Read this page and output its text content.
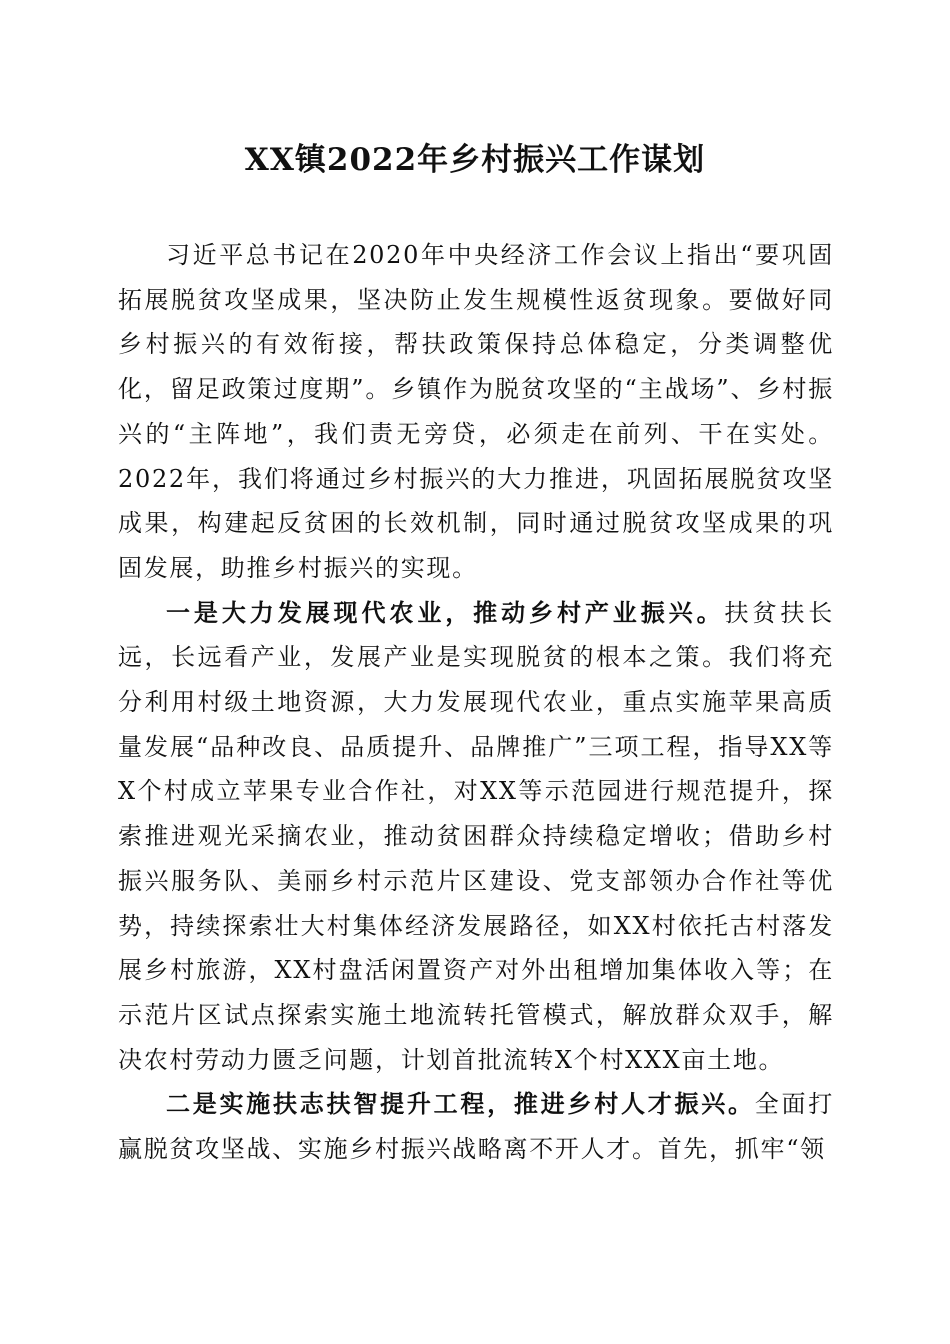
XX镇2022年乡村振兴工作谋划

习近平总书记在2020年中央经济工作会议上指出“要巩固拓展脱贫攻坚成果，坚决防止发生规模性返贫现象。要做好同乡村振兴的有效衔接，帮扶政策保持总体稳定，分类调整优化，留足政策过度期”。乡镇作为脱贫攻坚的“主战场”、乡村振兴的“主阵地”，我们责无旁贷，必须走在前列、干在实处。2022年，我们将通过乡村振兴的大力推进，巩固拓展脱贫攻坚成果，构建起反贫困的长效机制，同时通过脱贫攻坚成果的巩固发展，助推乡村振兴的实现。

一是大力发展现代农业，推动乡村产业振兴。扶贫扶长远，长远看产业，发展产业是实现脱贫的根本之策。我们将充分利用村级土地资源，大力发展现代农业，重点实施苹果高质量发展“品种改良、品质提升、品牌推广”三项工程，指导XX等X个村成立苹果专业合作社，对XX等示范园进行规范提升，探索推进观光采摘农业，推动贫困群众持续稳定增收；借助乡村振兴服务队、美丽乡村示范片区建设、党支部领办合作社等优势，持续探索壮大村集体经济发展路径，如XX村依托古村落发展乡村旅游，XX村盘活闲置资产对外出租增加集体收入等；在示范片区试点探索实施土地流转托管模式，解放群众双手，解决农村劳动力匮乏问题，计划首批流转X个村XXX亩土地。

二是实施扶志扶智提升工程，推进乡村人才振兴。全面打赢脱贫攻坚战、实施乡村振兴战略离不开人才。首先，抓牢“领
